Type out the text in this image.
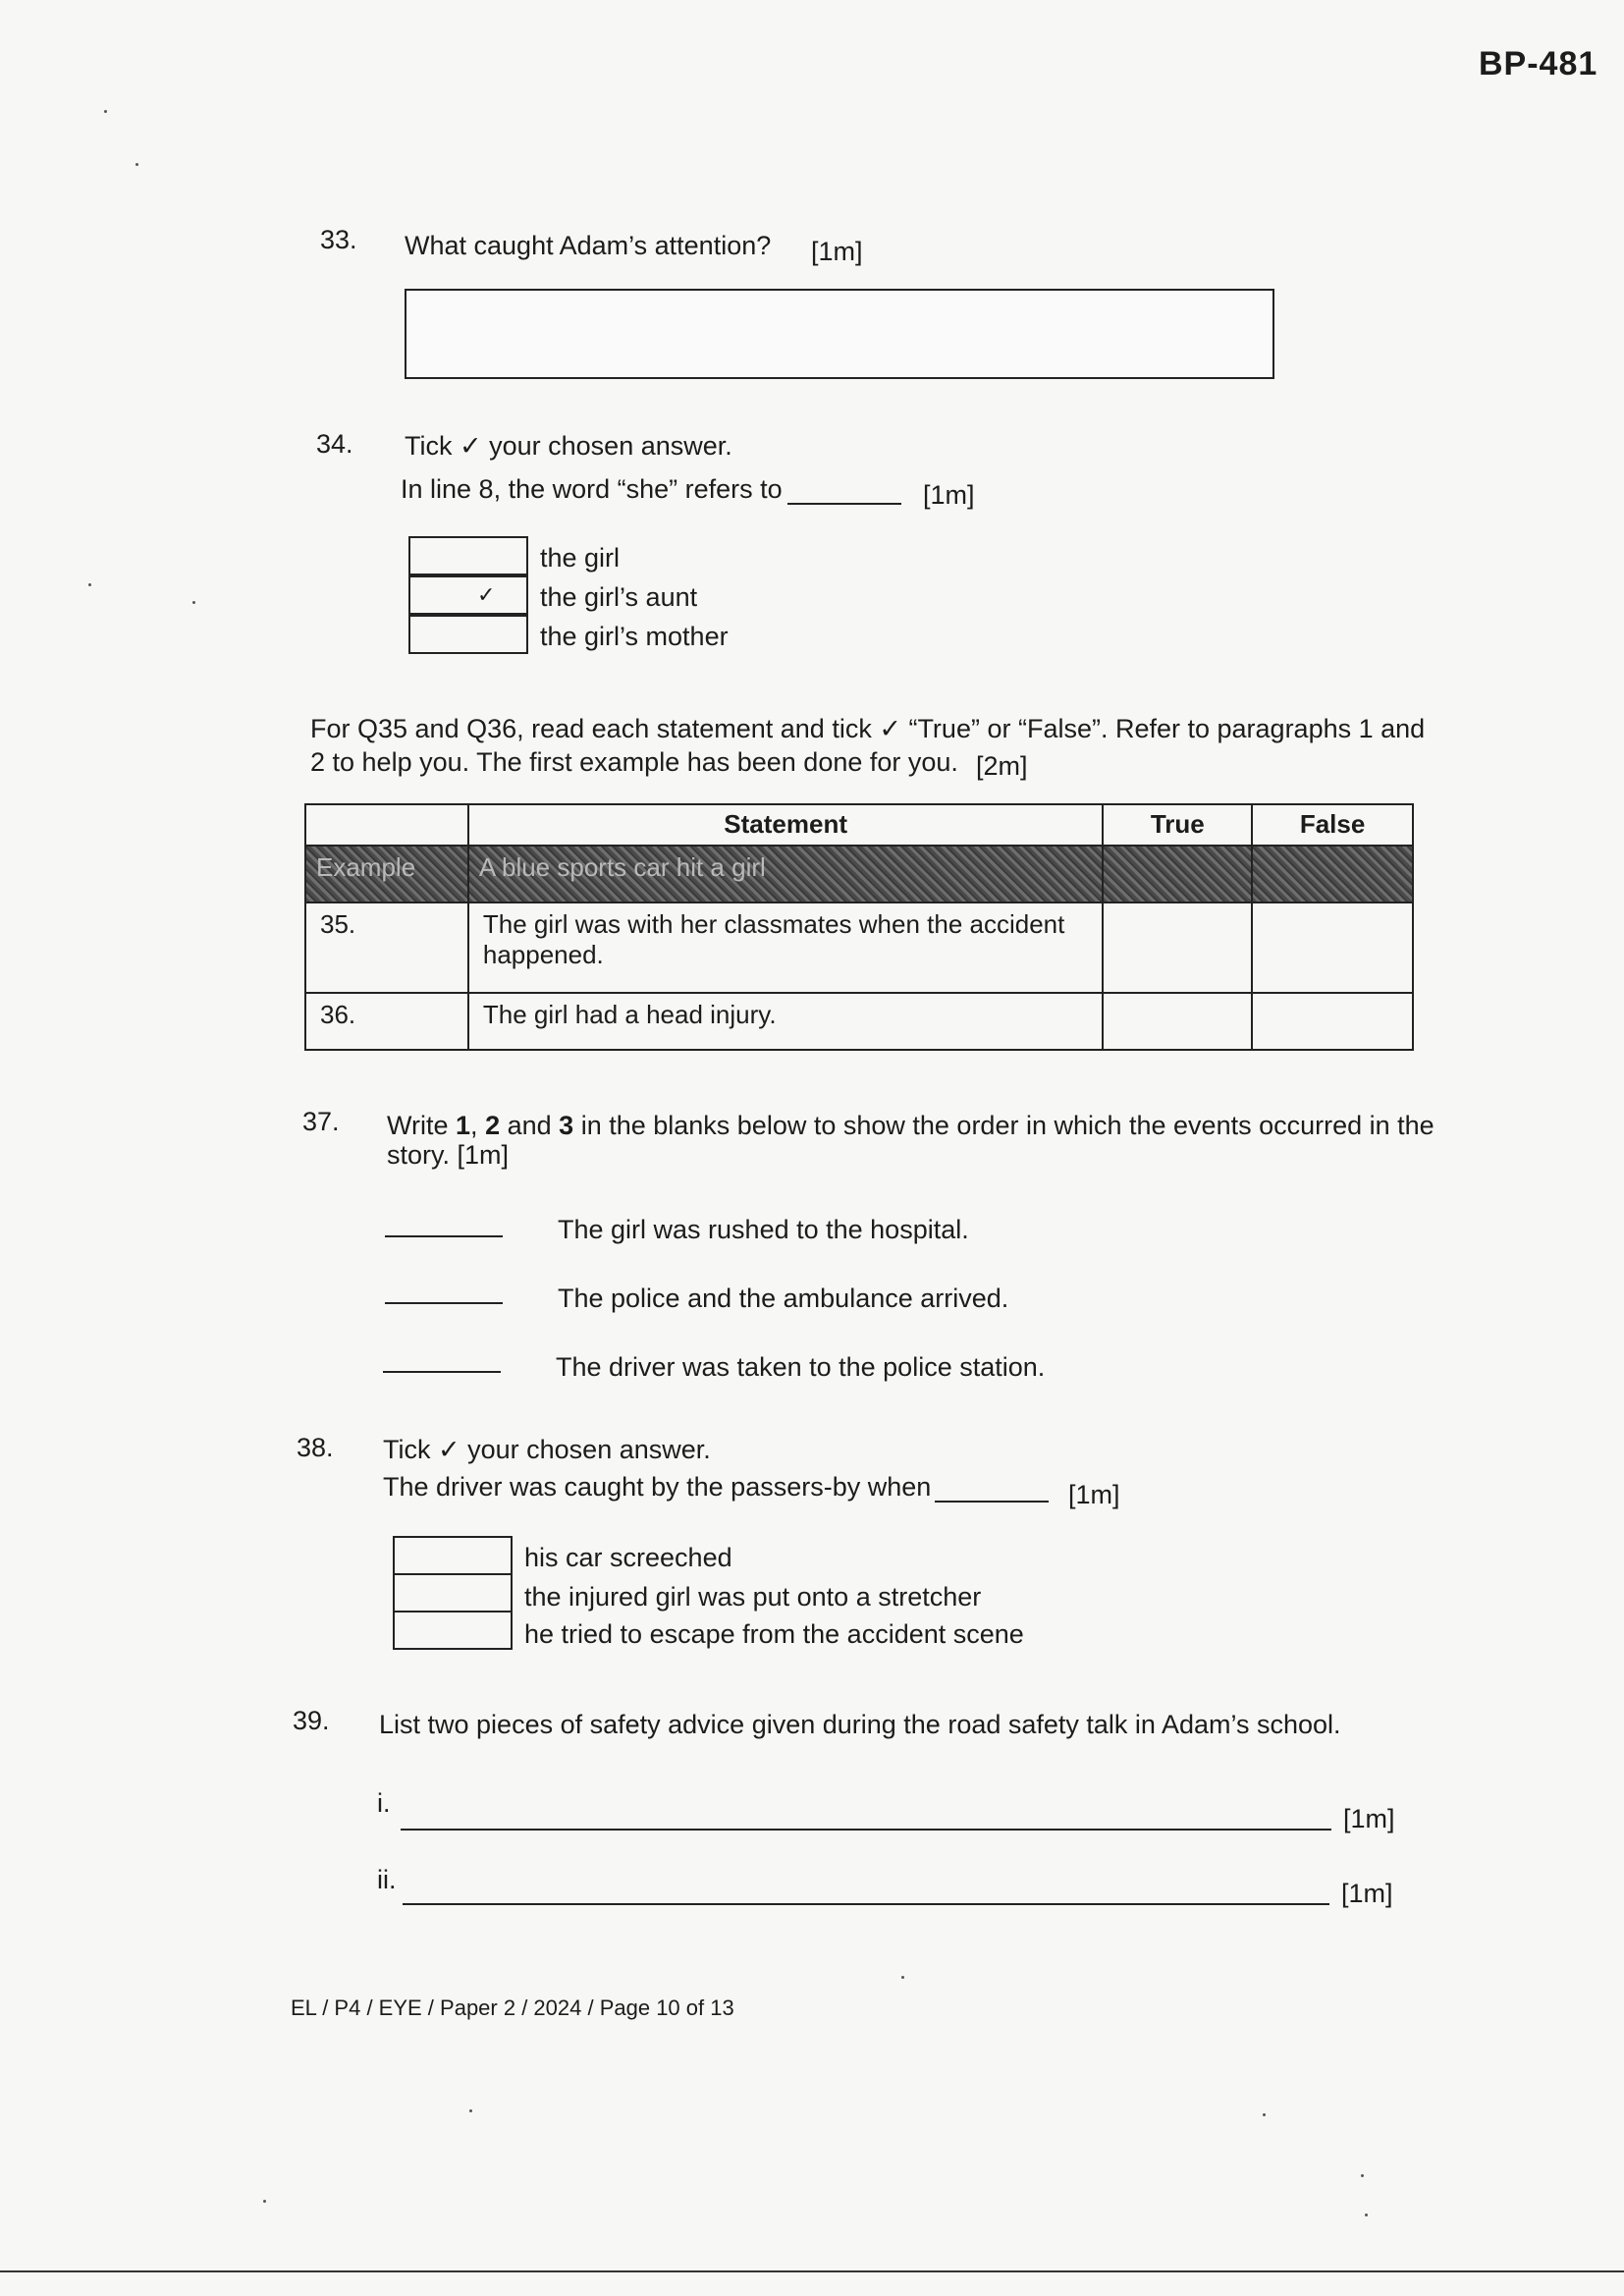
BP-481
33. What caught Adam’s attention? [1m]
34. Tick ✓ your chosen answer.
In line 8, the word “she” refers to	[1m]
✓
the girl
the girl’s aunt
the girl’s mother
For Q35 and Q36, read each statement and tick ✓ “True” or “False”. Refer to paragraphs 1 and
2 to help you. The first example has been done for you. [2m]
	Statement	True	False
Example	A blue sports car hit a girl		
35.	The girl was with her classmates when the accident happened.		
36.	The girl had a head injury.		
37. Write 1, 2 and 3 in the blanks below to show the order in which the events occurred in the
story. [1m]
The girl was rushed to the hospital.
The police and the ambulance arrived.
The driver was taken to the police station.
38. Tick ✓ your chosen answer.
The driver was caught by the passers-by when	[1m]
his car screeched
the injured girl was put onto a stretcher
he tried to escape from the accident scene
39. List two pieces of safety advice given during the road safety talk in Adam’s school.
i.
[1m]
ii.	[1m]
EL / P4 / EYE / Paper 2 / 2024 / Page 10 of 13
